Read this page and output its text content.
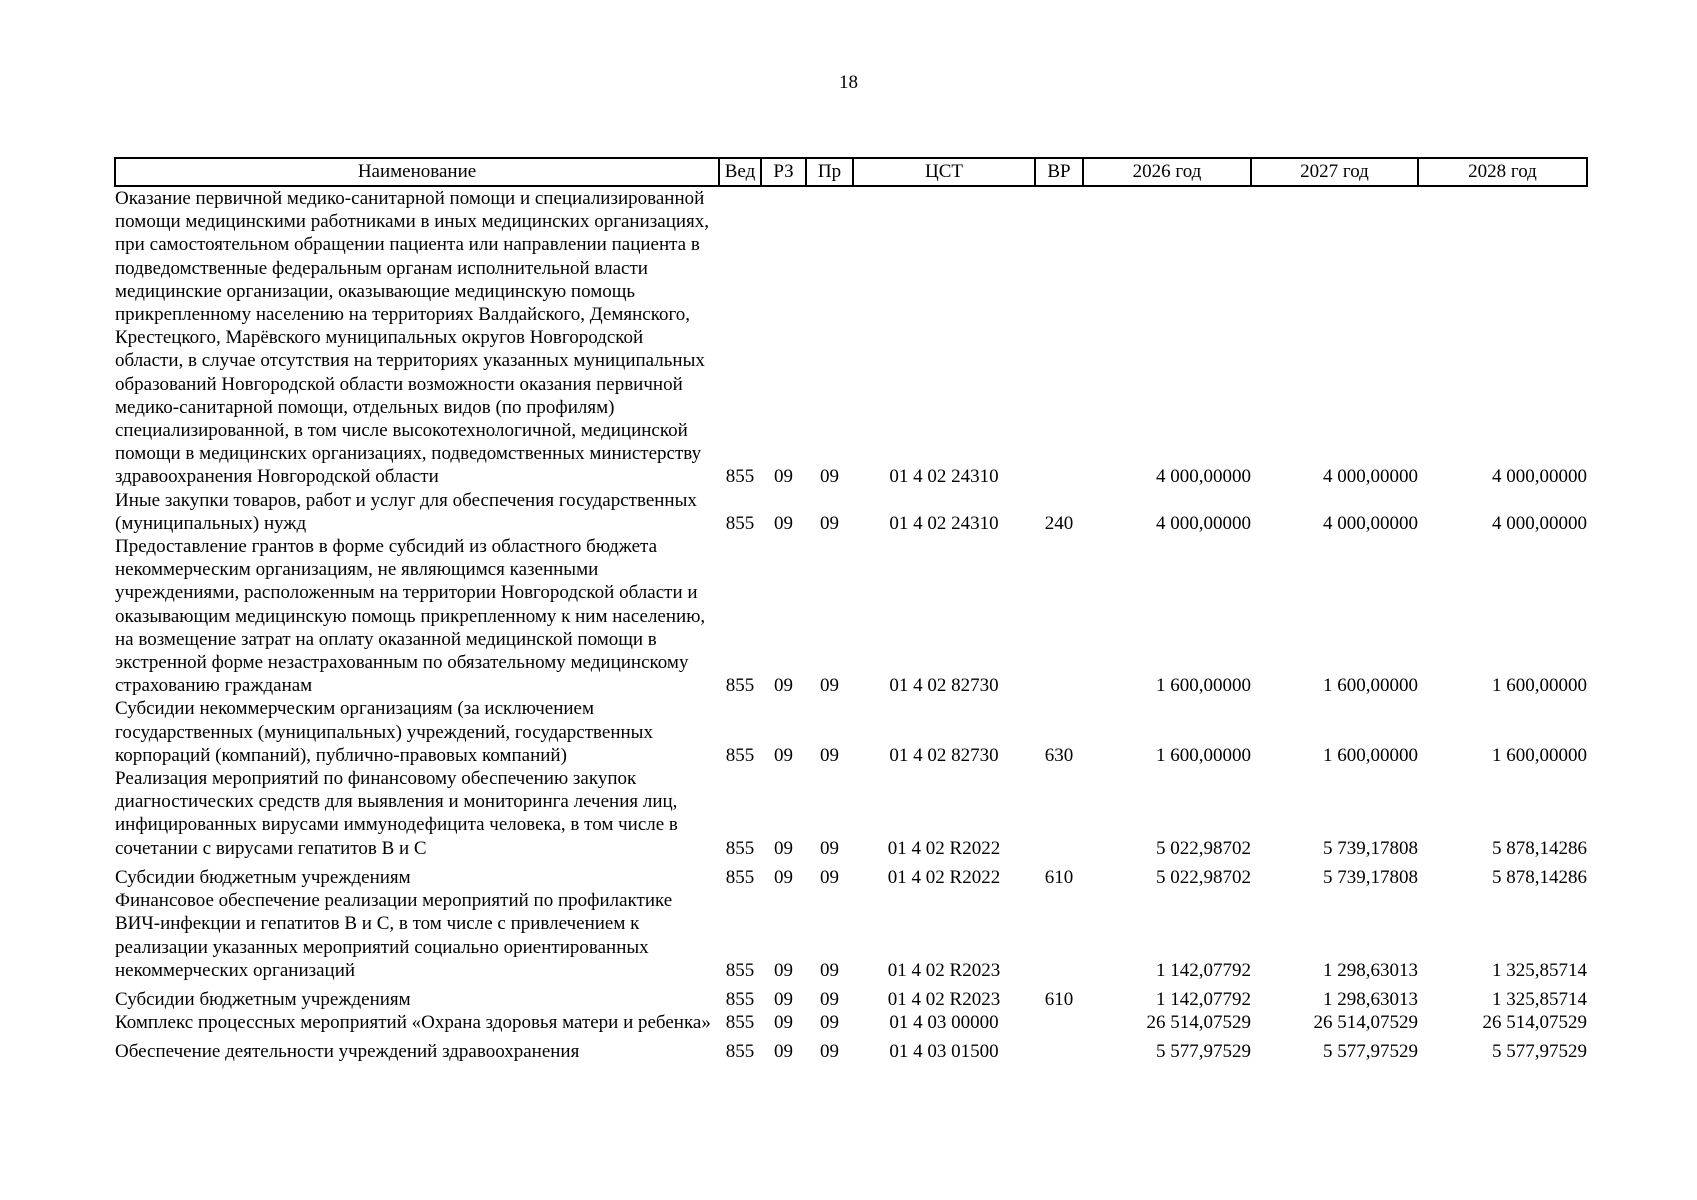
18
Наименование	Вед	РЗ	Пр	ЦСТ	ВР	2026 год	2027 год	2028 год
Оказание первичной медико-санитарной помощи и специализированной помощи медицинскими работниками в иных медицинских организациях, при самостоятельном обращении пациента или направлении пациента в подведомственные федеральным органам исполнительной власти медицинские организации, оказывающие медицинскую помощь прикрепленному населению на территориях Валдайского, Демянского, Крестецкого, Марёвского муниципальных округов Новгородской области, в случае отсутствия на территориях указанных муниципальных образований Новгородской области возможности оказания первичной медико-санитарной помощи, отдельных видов (по профилям) специализированной, в том числе высокотехнологичной, медицинской помощи в медицинских организациях, подведомственных министерству здравоохранения Новгородской области	855	09	09	01 4 02 24310		4 000,00000	4 000,00000	4 000,00000
Иные закупки товаров, работ и услуг для обеспечения государственных (муниципальных) нужд	855	09	09	01 4 02 24310	240	4 000,00000	4 000,00000	4 000,00000
Предоставление грантов в форме субсидий из областного бюджета некоммерческим организациям, не являющимся казенными учреждениями, расположенным на территории Новгородской области и оказывающим медицинскую помощь прикрепленному к ним населению, на возмещение затрат на оплату оказанной медицинской помощи в экстренной форме незастрахованным по обязательному медицинскому страхованию гражданам	855	09	09	01 4 02 82730		1 600,00000	1 600,00000	1 600,00000
Субсидии некоммерческим организациям (за исключением государственных (муниципальных) учреждений, государственных корпораций (компаний), публично-правовых компаний)	855	09	09	01 4 02 82730	630	1 600,00000	1 600,00000	1 600,00000
Реализация мероприятий по финансовому обеспечению закупок диагностических средств для выявления и мониторинга лечения лиц, инфицированных вирусами иммунодефицита человека, в том числе в сочетании с вирусами гепатитов В и С	855	09	09	01 4 02 R2022		5 022,98702	5 739,17808	5 878,14286
Субсидии бюджетным учреждениям	855	09	09	01 4 02 R2022	610	5 022,98702	5 739,17808	5 878,14286
Финансовое обеспечение реализации мероприятий по профилактике ВИЧ-инфекции и гепатитов В и С, в том числе с привлечением к реализации указанных мероприятий социально ориентированных некоммерческих организаций	855	09	09	01 4 02 R2023		1 142,07792	1 298,63013	1 325,85714
Субсидии бюджетным учреждениям	855	09	09	01 4 02 R2023	610	1 142,07792	1 298,63013	1 325,85714
Комплекс процессных мероприятий «Охрана здоровья матери и ребенка»	855	09	09	01 4 03 00000		26 514,07529	26 514,07529	26 514,07529
Обеспечение деятельности учреждений здравоохранения	855	09	09	01 4 03 01500		5 577,97529	5 577,97529	5 577,97529
